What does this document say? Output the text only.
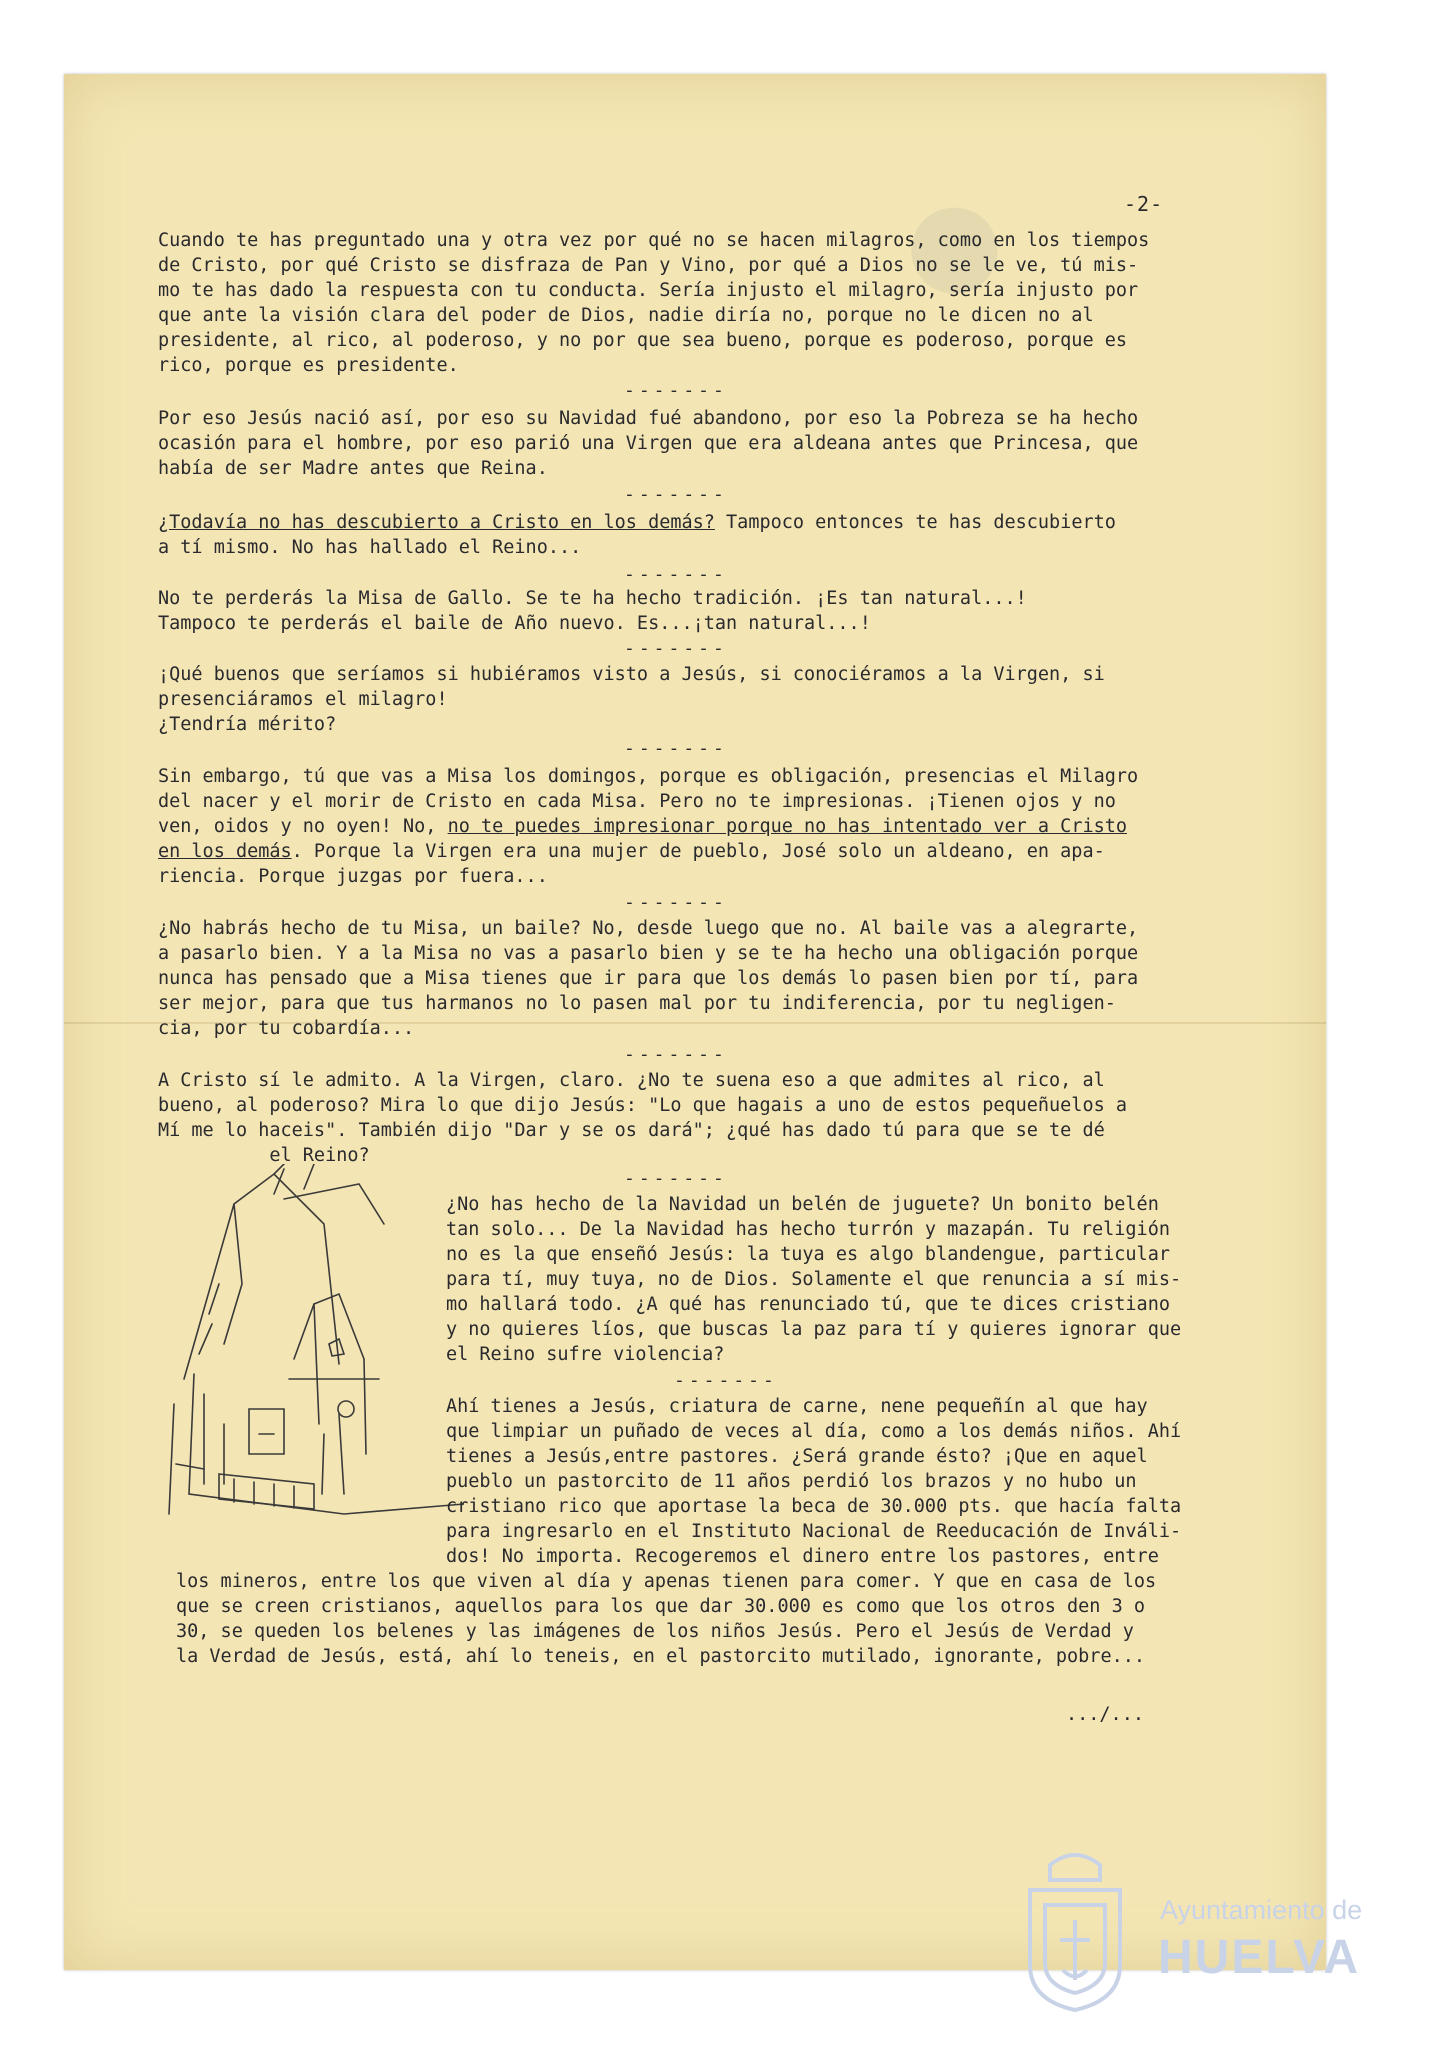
●	-2-
Cuando te has preguntado una y otra vez por qué no se hacen milagros, como en los tiempos
de Cristo, por qué Cristo se disfraza de Pan y Vino, por qué a Dios no se le ve, tú mis-
mo te has dado la respuesta con tu conducta. Sería injusto el milagro, sería injusto por
que ante la visión clara del poder de Dios, nadie diría no, porque no le dicen no al
presidente, al rico, al poderoso, y no por que sea bueno, porque es poderoso, porque es
rico, porque es presidente.
-------
Por eso Jesús nació así, por eso su Navidad fué abandono, por eso la Pobreza se ha hecho
ocasión para el hombre, por eso parió una Virgen que era aldeana antes que Princesa, que
había de ser Madre antes que Reina.
-------
¿Todavía no has descubierto a Cristo en los demás? Tampoco entonces te has descubierto
a tí mismo. No has hallado el Reino...
-------
No te perderás la Misa de Gallo. Se te ha hecho tradición. ¡Es tan natural...!
Tampoco te perderás el baile de Año nuevo. Es...¡tan natural...!
-------
¡Qué buenos que seríamos si hubiéramos visto a Jesús, si conociéramos a la Virgen, si
presenciáramos el milagro!
¿Tendría mérito?
-------
Sin embargo, tú que vas a Misa los domingos, porque es obligación, presencias el Milagro
del nacer y el morir de Cristo en cada Misa. Pero no te impresionas. ¡Tienen ojos y no
ven, oidos y no oyen! No, no te puedes impresionar porque no has intentado ver a Cristo
en los demás. Porque la Virgen era una mujer de pueblo, José solo un aldeano, en apa-
riencia. Porque juzgas por fuera...
-------
¿No habrás hecho de tu Misa, un baile? No, desde luego que no. Al baile vas a alegrarte,
a pasarlo bien. Y a la Misa no vas a pasarlo bien y se te ha hecho una obligación porque
nunca has pensado que a Misa tienes que ir para que los demás lo pasen bien por tí, para
ser mejor, para que tus harmanos no lo pasen mal por tu indiferencia, por tu negligen-
cia, por tu cobardía...
-------
A Cristo sí le admito. A la Virgen, claro. ¿No te suena eso a que admites al rico, al
bueno, al poderoso? Mira lo que dijo Jesús: "Lo que hagais a uno de estos pequeñuelos a
Mí me lo haceis". También dijo "Dar y se os dará"; ¿qué has dado tú para que se te dé
el Reino?
-------
¿No has hecho de la Navidad un belén de juguete? Un bonito belén
tan solo... De la Navidad has hecho turrón y mazapán. Tu religión
no es la que enseñó Jesús: la tuya es algo blandengue, particular
para tí, muy tuya, no de Dios. Solamente el que renuncia a sí mis-
mo hallará todo. ¿A qué has renunciado tú, que te dices cristiano
y no quieres líos, que buscas la paz para tí y quieres ignorar que
el Reino sufre violencia?
-------
Ahí tienes a Jesús, criatura de carne, nene pequeñín al que hay
que limpiar un puñado de veces al día, como a los demás niños. Ahí
tienes a Jesús,entre pastores. ¿Será grande ésto? ¡Que en aquel
pueblo un pastorcito de 11 años perdió los brazos y no hubo un
cristiano rico que aportase la beca de 30.000 pts. que hacía falta
para ingresarlo en el Instituto Nacional de Reeducación de Inváli-
dos! No importa. Recogeremos el dinero entre los pastores, entre
los mineros, entre los que viven al día y apenas tienen para comer. Y que en casa de los
que se creen cristianos, aquellos para los que dar 30.000 es como que los otros den 3 o
30, se queden los belenes y las imágenes de los niños Jesús. Pero el Jesús de Verdad y
la Verdad de Jesús, está, ahí lo teneis, en el pastorcito mutilado, ignorante, pobre...
.../...
Ayuntamiento de
HUELVA
